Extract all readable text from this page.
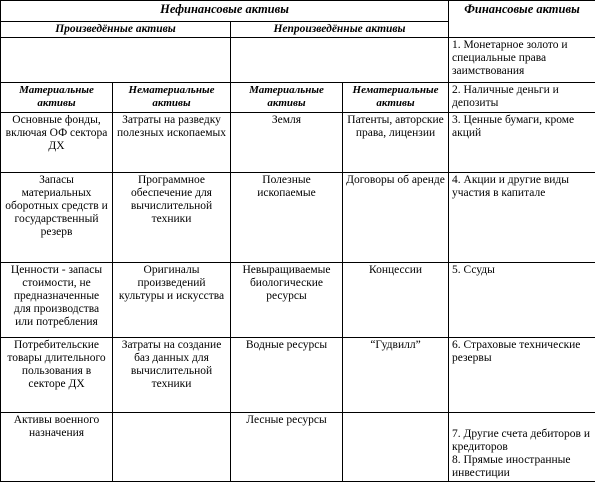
Нефинансовые активы				Финансовые активы
Произведённые активы		Непроизведённые активы		
				1. Монетарное золото и специальные права заимствования
Материальные активы	Нематериальные активы	Материальные активы	Нематериальные активы	2. Наличные деньги и депозиты
Основные фонды, включая ОФ сектора ДХ	Затраты на разведку полезных ископаемых	Земля	Патенты, авторские права, лицензии	3. Ценные бумаги, кроме акций
Запасы материальных оборотных средств и государственный резерв	Программное обеспечение для вычислительной техники	Полезные ископаемые	Договоры об аренде	4. Акции и другие виды участия в капитале
Ценности - запасы стоимости, не предназначенные для производства или потребления	Оригиналы произведений культуры и искусства	Невыращиваемые биологические ресурсы	Концессии	5. Ссуды
Потребительские товары длительного пользования в секторе ДХ	Затраты на создание баз данных для вычислительной техники	Водные ресурсы	“Гудвилл”	6. Страховые технические резервы
Активы военного назначения		Лесные ресурсы		7. Другие счета дебиторов и кредиторов
8. Прямые иностранные инвестиции
